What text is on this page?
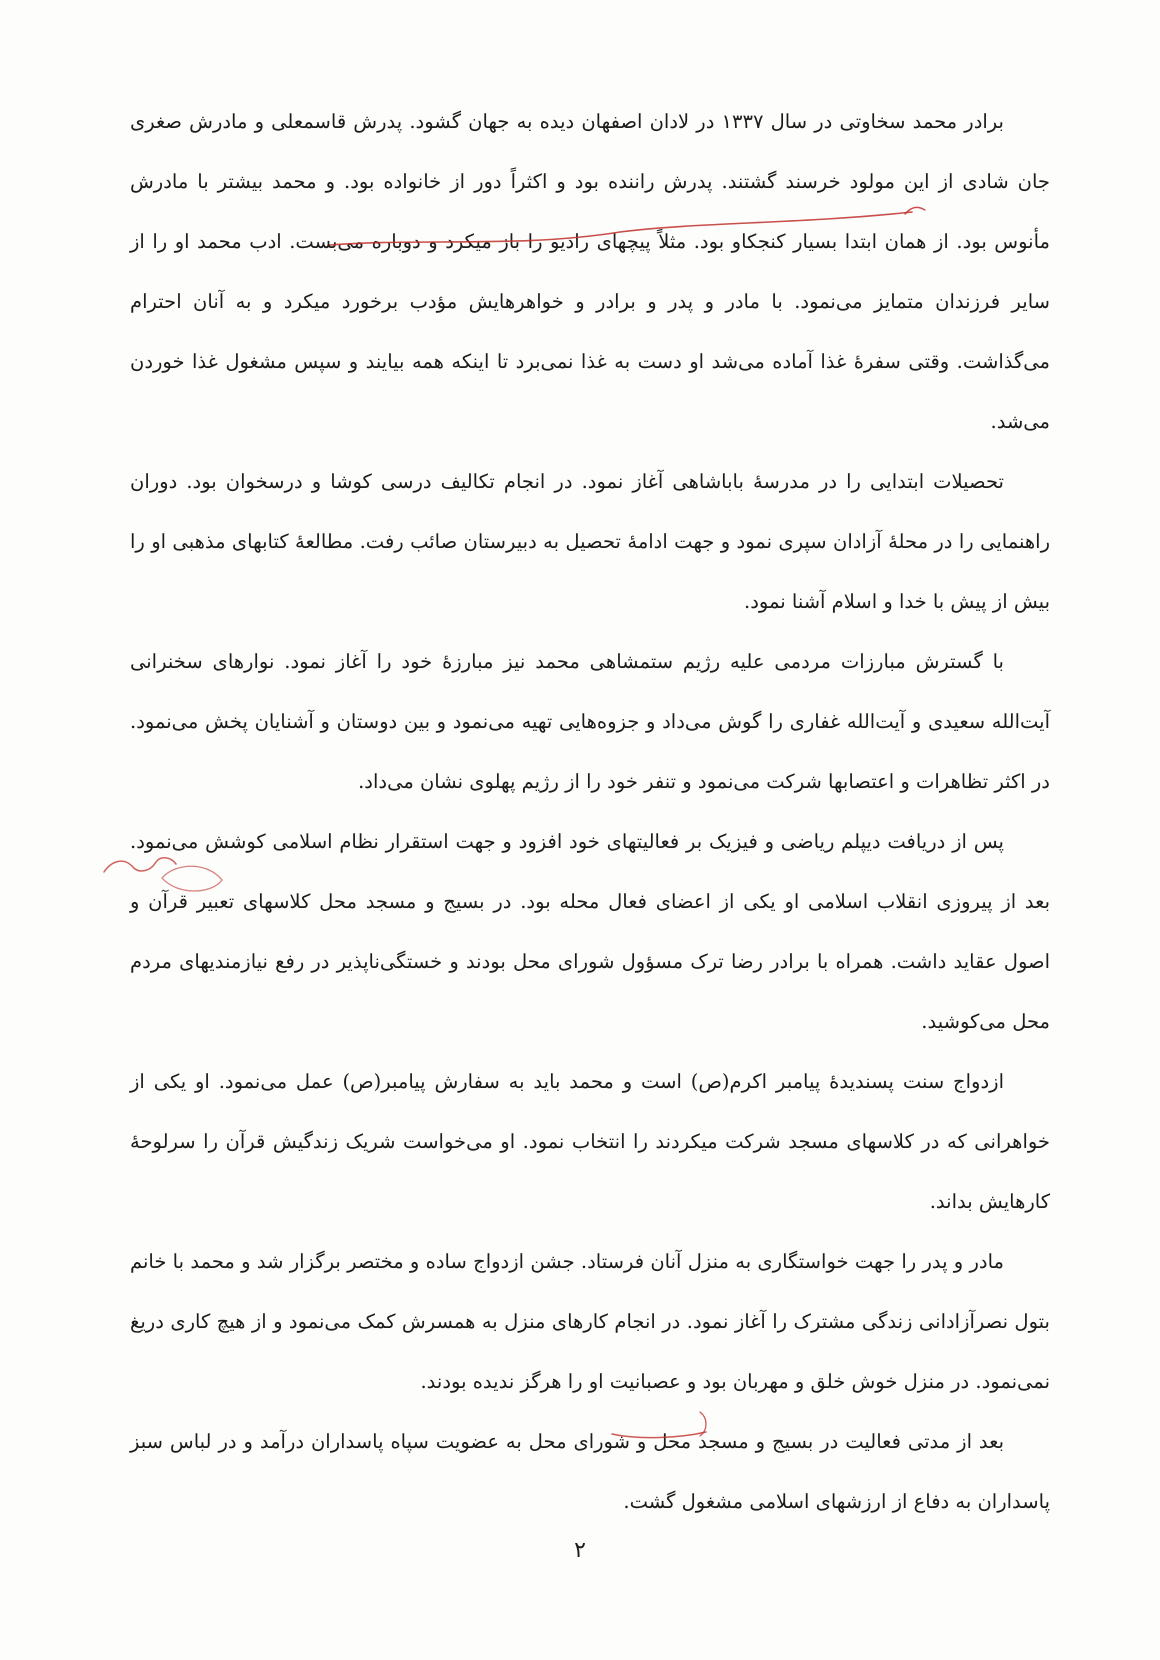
برادر محمد سخاوتی در سال ۱۳۳۷ در لادان اصفهان دیده به جهان گشود. پدرش قاسمعلی و مادرش صغری جان شادی از این مولود خرسند گشتند. پدرش راننده بود و اکثراً دور از خانواده بود. و محمد بیشتر با مادرش مأنوس بود. از همان ابتدا بسیار کنجکاو بود. مثلاً پیچهای رادیو را باز میکرد و دوباره می‌بست. ادب محمد او را از سایر فرزندان متمایز می‌نمود. با مادر و پدر و برادر و خواهرهایش مؤدب برخورد میکرد و به آنان احترام می‌گذاشت. وقتی سفرهٔ غذا آماده می‌شد او دست به غذا نمی‌برد تا اینکه همه بیایند و سپس مشغول غذا خوردن می‌شد.

تحصیلات ابتدایی را در مدرسهٔ باباشاهی آغاز نمود. در انجام تکالیف درسی کوشا و درسخوان بود. دوران راهنمایی را در محلهٔ آزادان سپری نمود و جهت ادامهٔ تحصیل به دبیرستان صائب رفت. مطالعهٔ کتابهای مذهبی او را بیش از پیش با خدا و اسلام آشنا نمود.

با گسترش مبارزات مردمی علیه رژیم ستمشاهی محمد نیز مبارزهٔ خود را آغاز نمود. نوارهای سخنرانی آیت‌الله سعیدی و آیت‌الله غفاری را گوش می‌داد و جزوه‌هایی تهیه می‌نمود و بین دوستان و آشنایان پخش می‌نمود. در اکثر تظاهرات و اعتصابها شرکت می‌نمود و تنفر خود را از رژیم پهلوی نشان می‌داد.

پس از دریافت دیپلم ریاضی و فیزیک بر فعالیتهای خود افزود و جهت استقرار نظام اسلامی کوشش می‌نمود. بعد از پیروزی انقلاب اسلامی او یکی از اعضای فعال محله بود. در بسیج و مسجد محل کلاسهای تعبیر قرآن و اصول عقاید داشت. همراه با برادر رضا ترک مسؤول شورای محل بودند و خستگی‌ناپذیر در رفع نیازمندیهای مردم محل می‌کوشید.

ازدواج سنت پسندیدهٔ پیامبر اکرم(ص) است و محمد باید به سفارش پیامبر(ص) عمل می‌نمود. او یکی از خواهرانی که در کلاسهای مسجد شرکت میکردند را انتخاب نمود. او می‌خواست شریک زندگیش قرآن را سرلوحهٔ کارهایش بداند.

مادر و پدر را جهت خواستگاری به منزل آنان فرستاد. جشن ازدواج ساده و مختصر برگزار شد و محمد با خانم بتول نصرآزادانی زندگی مشترک را آغاز نمود. در انجام کارهای منزل به همسرش کمک می‌نمود و از هیچ کاری دریغ نمی‌نمود. در منزل خوش خلق و مهربان بود و عصبانیت او را هرگز ندیده بودند.

بعد از مدتی فعالیت در بسیج و مسجد محل و شورای محل به عضویت سپاه پاسداران درآمد و در لباس سبز پاسداران به دفاع از ارزشهای اسلامی مشغول گشت.

۲
